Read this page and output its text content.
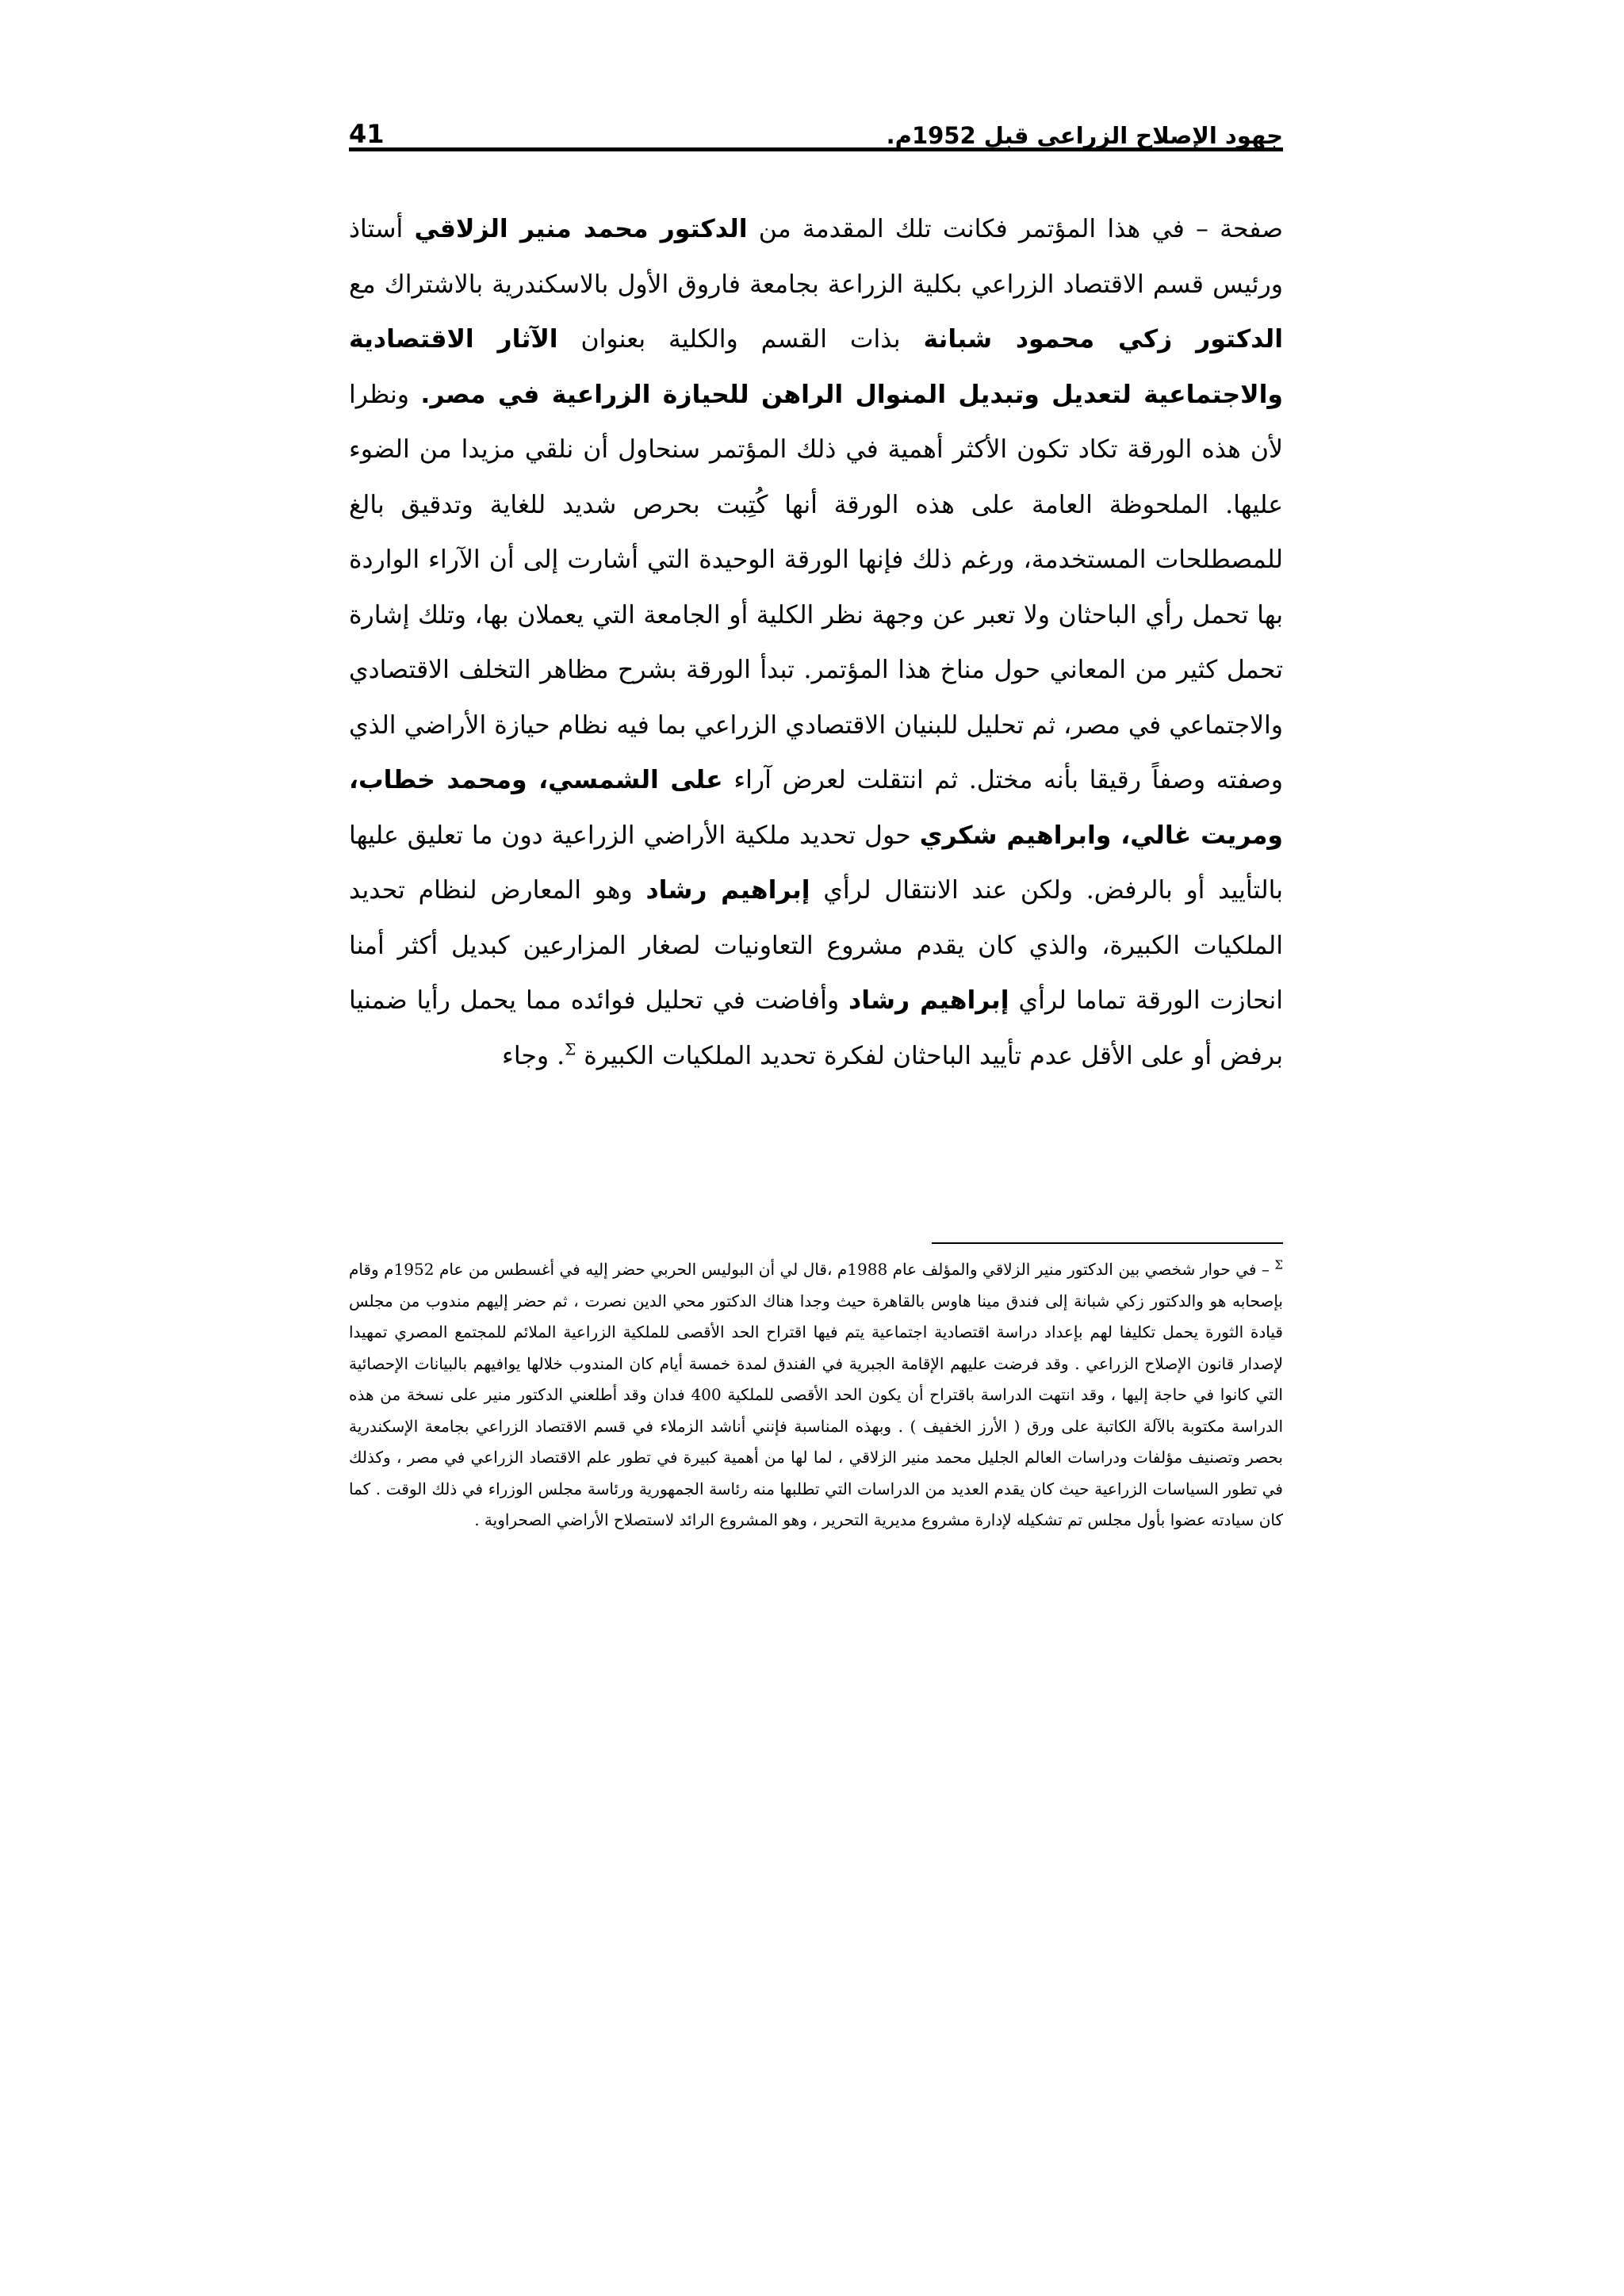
جهود الإصلاح الزراعي قبل 1952م.
41
صفحة – في هذا المؤتمر فكانت تلك المقدمة من الدكتور محمد منير الزلاقي أستاذ ورئيس قسم الاقتصاد الزراعي بكلية الزراعة بجامعة فاروق الأول بالاسكندرية بالاشتراك مع الدكتور زكي محمود شبانة بذات القسم والكلية بعنوان الآثار الاقتصادية والاجتماعية لتعديل وتبديل المنوال الراهن للحيازة الزراعية في مصر. ونظرا لأن هذه الورقة تكاد تكون الأكثر أهمية في ذلك المؤتمر سنحاول أن نلقي مزيدا من الضوء عليها. الملحوظة العامة على هذه الورقة أنها كُتِبت بحرص شديد للغاية وتدقيق بالغ للمصطلحات المستخدمة، ورغم ذلك فإنها الورقة الوحيدة التي أشارت إلى أن الآراء الواردة بها تحمل رأي الباحثان ولا تعبر عن وجهة نظر الكلية أو الجامعة التي يعملان بها، وتلك إشارة تحمل كثير من المعاني حول مناخ هذا المؤتمر. تبدأ الورقة بشرح مظاهر التخلف الاقتصادي والاجتماعي في مصر، ثم تحليل للبنيان الاقتصادي الزراعي بما فيه نظام حيازة الأراضي الذي وصفته وصفاً رقيقا بأنه مختل. ثم انتقلت لعرض آراء على الشمسي، ومحمد خطاب، ومريت غالي، وابراهيم شكري حول تحديد ملكية الأراضي الزراعية دون ما تعليق عليها بالتأييد أو بالرفض. ولكن عند الانتقال لرأي إبراهيم رشاد وهو المعارض لنظام تحديد الملكيات الكبيرة، والذي كان يقدم مشروع التعاونيات لصغار المزارعين كبديل أكثر أمنا انحازت الورقة تماما لرأي إبراهيم رشاد وأفاضت في تحليل فوائده مما يحمل رأيا ضمنيا برفض أو على الأقل عدم تأييد الباحثان لفكرة تحديد الملكيات الكبيرة $^\Sigma$. وجاء
$^\Sigma$ – في حوار شخصي بين الدكتور منير الزلاقي والمؤلف عام 1988م ،قال لي أن البوليس الحربي حضر إليه في أغسطس من عام 1952م وقام بإصحابه هو والدكتور زكي شبانة إلى فندق مينا هاوس بالقاهرة حيث وجدا هناك الدكتور محي الدين نصرت ، ثم حضر إليهم مندوب من مجلس قيادة الثورة يحمل تكليفا لهم بإعداد دراسة اقتصادية اجتماعية يتم فيها اقتراح الحد الأقصى للملكية الزراعية الملائم للمجتمع المصري تمهيدا لإصدار قانون الإصلاح الزراعي . وقد فرضت عليهم الإقامة الجبرية في الفندق لمدة خمسة أيام كان المندوب خلالها يوافيهم بالبيانات الإحصائية التي كانوا في حاجة إليها ، وقد انتهت الدراسة باقتراح أن يكون الحد الأقصى للملكية 400 فدان وقد أطلعني الدكتور منير على نسخة من هذه الدراسة مكتوبة بالآلة الكاتبة على ورق ( الأرز الخفيف ) . وبهذه المناسبة فإنني أناشد الزملاء في قسم الاقتصاد الزراعي بجامعة الإسكندرية بحصر وتصنيف مؤلفات ودراسات العالم الجليل محمد منير الزلاقي ، لما لها من أهمية كبيرة في تطور علم الاقتصاد الزراعي في مصر ، وكذلك في تطور السياسات الزراعية حيث كان يقدم العديد من الدراسات التي تطلبها منه رئاسة الجمهورية ورئاسة مجلس الوزراء في ذلك الوقت . كما كان سيادته عضوا بأول مجلس تم تشكيله لإدارة مشروع مديرية التحرير ، وهو المشروع الرائد لاستصلاح الأراضي الصحراوية .
